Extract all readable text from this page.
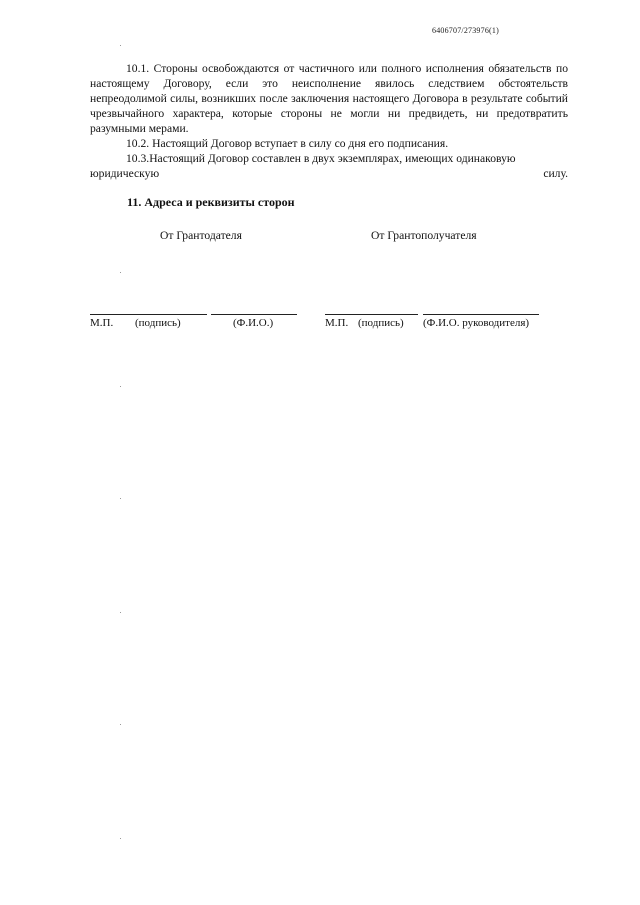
6406707/273976(1)
10.1. Стороны освобождаются от частичного или полного исполнения обязательств по настоящему Договору, если это неисполнение явилось следствием обстоятельств непреодолимой силы, возникших после заключения настоящего Договора в результате событий чрезвычайного характера, которые стороны не могли ни предвидеть, ни предотвратить разумными мерами.
10.2. Настоящий Договор вступает в силу со дня его подписания.
10.3.Настоящий Договор составлен в двух экземплярах, имеющих одинаковую
юридическую	силу.
11. Адреса и реквизиты сторон
От Грантодателя	От Грантополучателя
М.П. (подпись)	(Ф.И.О.)	М.П. (подпись) (Ф.И.О. руководителя)
